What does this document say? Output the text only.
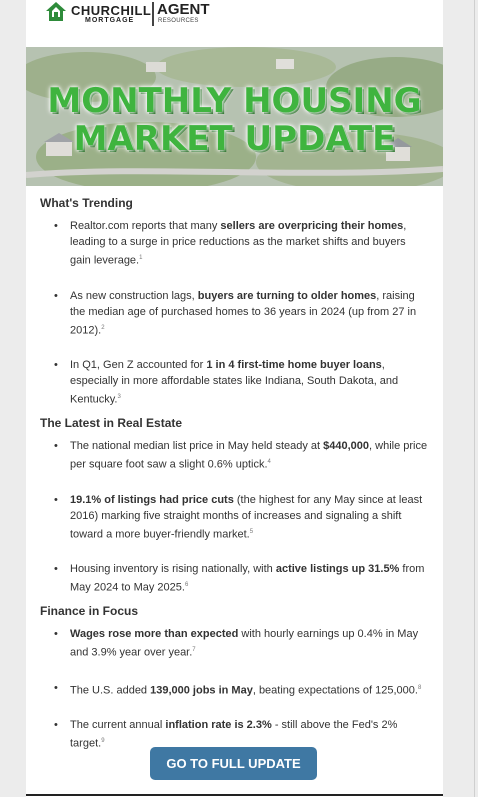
CHURCHILL
MORTGAGE
AGENT
RESOURCES
MONTHLY HOUSING
MARKET UPDATE
What's Trending
• Realtor.com reports that many sellers are overpricing their homes, leading to a surge in price reductions as the market shifts and buyers gain leverage.$^1$
• As new construction lags, buyers are turning to older homes, raising the median age of purchased homes to 36 years in 2024 (up from 27 in 2012).$^2$
• In Q1, Gen Z accounted for 1 in 4 first-time home buyer loans, especially in more affordable states like Indiana, South Dakota, and Kentucky.$^3$
The Latest in Real Estate
• The national median list price in May held steady at $440,000, while price per square foot saw a slight 0.6% uptick.$^4$
• 19.1% of listings had price cuts (the highest for any May since at least 2016) marking five straight months of increases and signaling a shift toward a more buyer-friendly market.$^5$
• Housing inventory is rising nationally, with active listings up 31.5% from May 2024 to May 2025.$^6$
Finance in Focus
• Wages rose more than expected with hourly earnings up 0.4% in May and 3.9% year over year.$^7$
• The U.S. added 139,000 jobs in May, beating expectations of 125,000.$^8$
• The current annual inflation rate is 2.3% - still above the Fed's 2% target.$^9$
GO TO FULL UPDATE
